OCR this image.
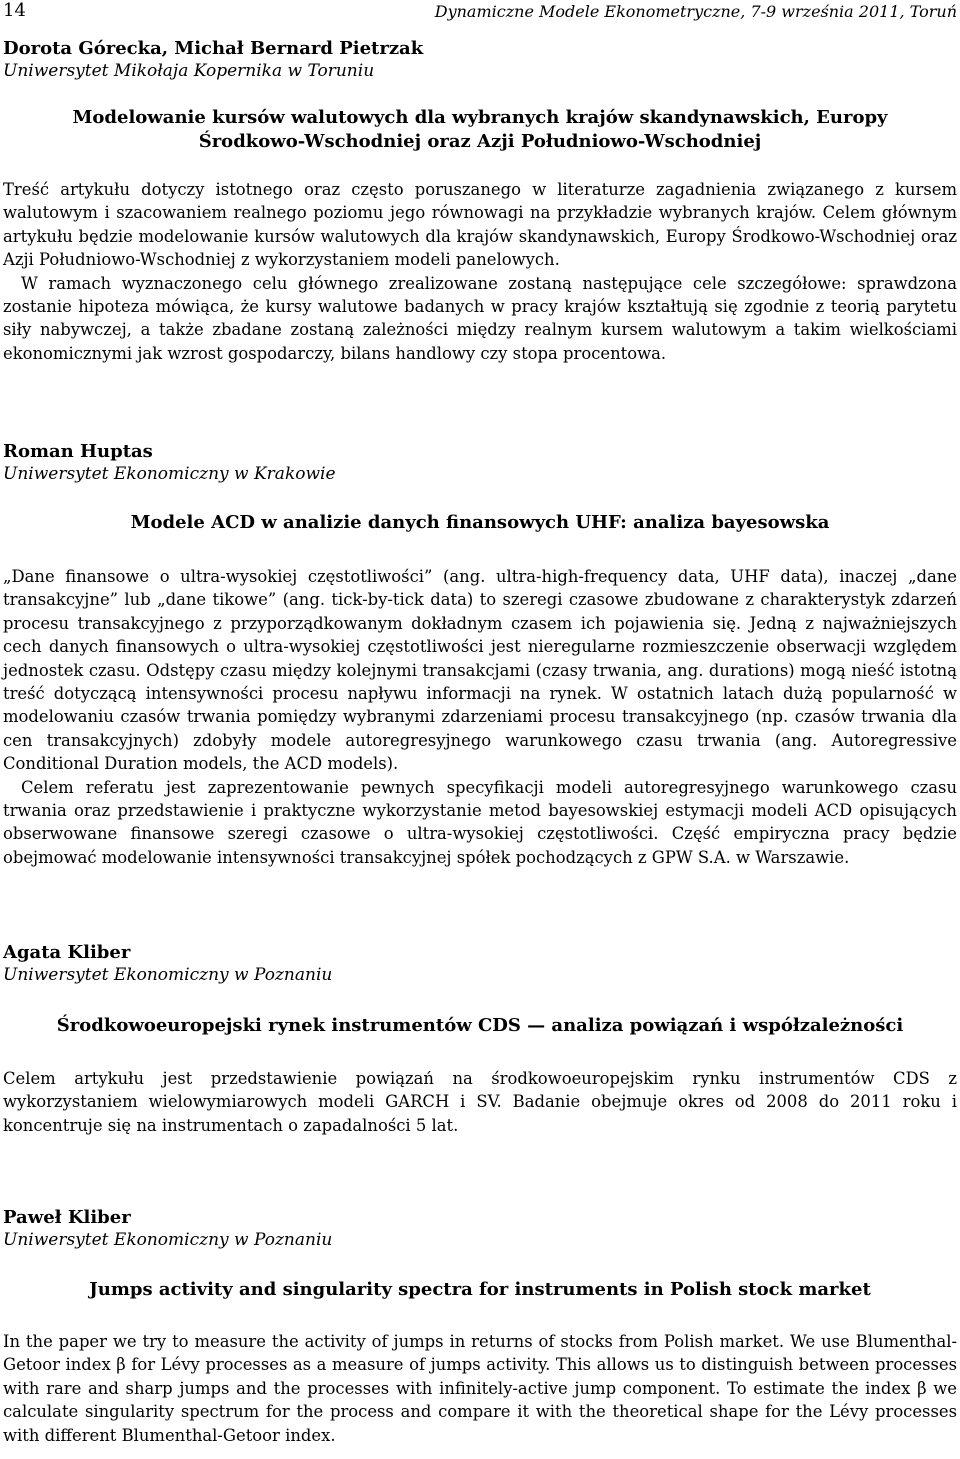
14	Dynamiczne Modele Ekonometryczne, 7-9 września 2011, Toruń
Dorota Górecka, Michał Bernard Pietrzak
Uniwersytet Mikołaja Kopernika w Toruniu
Modelowanie kursów walutowych dla wybranych krajów skandynawskich, Europy
Środkowo-Wschodniej oraz Azji Południowo-Wschodniej

Treść artykułu dotyczy istotnego oraz często poruszanego w literaturze zagadnienia związanego z kursem walutowym i szacowaniem realnego poziomu jego równowagi na przykładzie wybranych krajów. Celem głównym artykułu będzie modelowanie kursów walutowych dla krajów skandynawskich, Europy Środkowo-Wschodniej oraz Azji Południowo-Wschodniej z wykorzystaniem modeli panelowych.

W ramach wyznaczonego celu głównego zrealizowane zostaną następujące cele szczegółowe: sprawdzona zostanie hipoteza mówiąca, że kursy walutowe badanych w pracy krajów kształtują się zgodnie z teorią parytetu siły nabywczej, a także zbadane zostaną zależności między realnym kursem walutowym a takim wielkościami ekonomicznymi jak wzrost gospodarczy, bilans handlowy czy stopa procentowa.

Roman Huptas
Uniwersytet Ekonomiczny w Krakowie
Modele ACD w analizie danych finansowych UHF: analiza bayesowska

„Dane finansowe o ultra-wysokiej częstotliwości” (ang. ultra-high-frequency data, UHF data), inaczej „dane transakcyjne” lub „dane tikowe” (ang. tick-by-tick data) to szeregi czasowe zbudowane z charakterystyk zdarzeń procesu transakcyjnego z przyporządkowanym dokładnym czasem ich pojawienia się. Jedną z najważniejszych cech danych finansowych o ultra-wysokiej częstotliwości jest nieregularne rozmieszczenie obserwacji względem jednostek czasu. Odstępy czasu między kolejnymi transakcjami (czasy trwania, ang. durations) mogą nieść istotną treść dotyczącą intensywności procesu napływu informacji na rynek. W ostatnich latach dużą popularność w modelowaniu czasów trwania pomiędzy wybranymi zdarzeniami procesu transakcyjnego (np. czasów trwania dla cen transakcyjnych) zdobyły modele autoregresyjnego warunkowego czasu trwania (ang. Autoregressive Conditional Duration models, the ACD models).

Celem referatu jest zaprezentowanie pewnych specyfikacji modeli autoregresyjnego warunkowego czasu trwania oraz przedstawienie i praktyczne wykorzystanie metod bayesowskiej estymacji modeli ACD opisujących obserwowane finansowe szeregi czasowe o ultra-wysokiej częstotliwości. Część empiryczna pracy będzie obejmować modelowanie intensywności transakcyjnej spółek pochodzących z GPW S.A. w Warszawie.

Agata Kliber
Uniwersytet Ekonomiczny w Poznaniu
Środkowoeuropejski rynek instrumentów CDS — analiza powiązań i współzależności

Celem artykułu jest przedstawienie powiązań na środkowoeuropejskim rynku instrumentów CDS z wykorzystaniem wielowymiarowych modeli GARCH i SV. Badanie obejmuje okres od 2008 do 2011 roku i koncentruje się na instrumentach o zapadalności 5 lat.

Paweł Kliber
Uniwersytet Ekonomiczny w Poznaniu
Jumps activity and singularity spectra for instruments in Polish stock market

In the paper we try to measure the activity of jumps in returns of stocks from Polish market. We use Blumenthal-Getoor index β for Lévy processes as a measure of jumps activity. This allows us to distinguish between processes with rare and sharp jumps and the processes with infinitely-active jump component. To estimate the index β we calculate singularity spectrum for the process and compare it with the theoretical shape for the Lévy processes with different Blumenthal-Getoor index.
